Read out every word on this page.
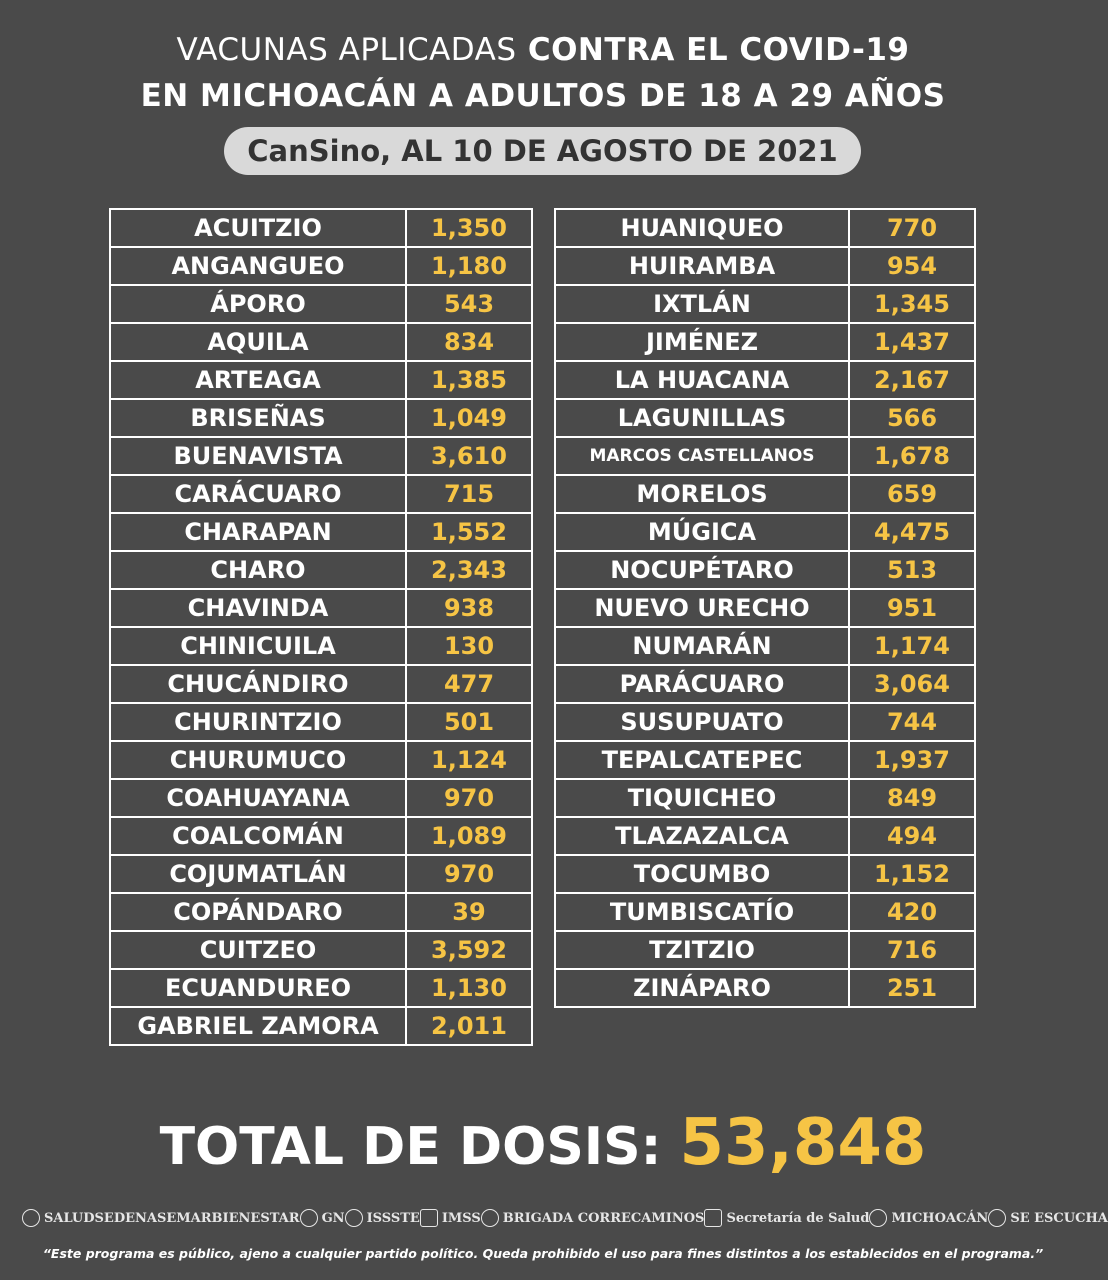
VACUNAS APLICADAS CONTRA EL COVID-19
EN MICHOACÁN A ADULTOS DE 18 A 29 AÑOS
CanSino, AL 10 DE AGOSTO DE 2021
ACUITZIO	1,350
ANGANGUEO	1,180
ÁPORO	543
AQUILA	834
ARTEAGA	1,385
BRISEÑAS	1,049
BUENAVISTA	3,610
CARÁCUARO	715
CHARAPAN	1,552
CHARO	2,343
CHAVINDA	938
CHINICUILA	130
CHUCÁNDIRO	477
CHURINTZIO	501
CHURUMUCO	1,124
COAHUAYANA	970
COALCOMÁN	1,089
COJUMATLÁN	970
COPÁNDARO	39
CUITZEO	3,592
ECUANDUREO	1,130
GABRIEL ZAMORA	2,011
HUANIQUEO	770
HUIRAMBA	954
IXTLÁN	1,345
JIMÉNEZ	1,437
LA HUACANA	2,167
LAGUNILLAS	566
MARCOS CASTELLANOS	1,678
MORELOS	659
MÚGICA	4,475
NOCUPÉTARO	513
NUEVO URECHO	951
NUMARÁN	1,174
PARÁCUARO	3,064
SUSUPUATO	744
TEPALCATEPEC	1,937
TIQUICHEO	849
TLAZAZALCA	494
TOCUMBO	1,152
TUMBISCATÍO	420
TZITZIO	716
ZINÁPARO	251
TOTAL DE DOSIS: 53,848
SALUD SEDENA SEMAR BIENESTAR GN ISSSTE IMSS BRIGADA CORRECAMINOS Secretaría de Salud MICHOACÁN SE ESCUCHA
“Este programa es público, ajeno a cualquier partido político. Queda prohibido el uso para fines distintos a los establecidos en el programa.”
